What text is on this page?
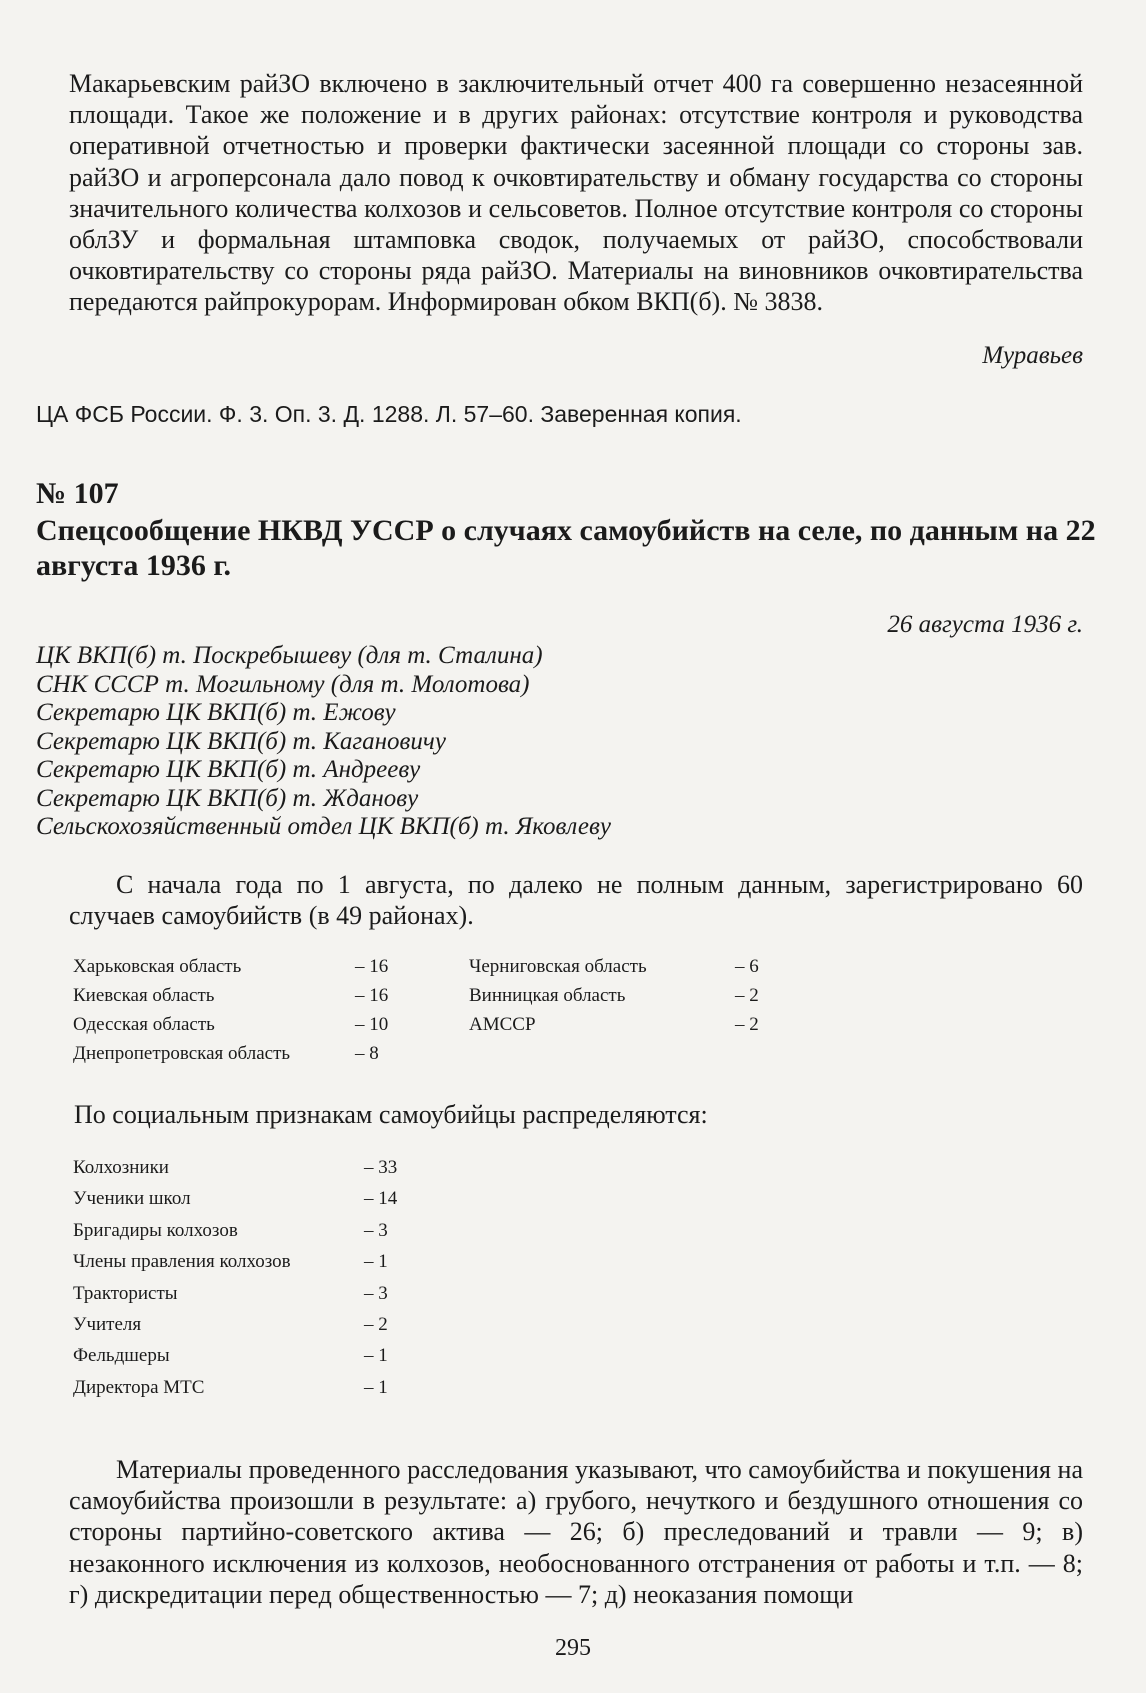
Макарьевским райЗО включено в заключительный отчет 400 га совершенно незасеянной площади. Такое же положение и в других районах: отсутствие контроля и руководства оперативной отчетностью и проверки фактически засеянной площади со стороны зав. райЗО и агроперсонала дало повод к очковтирательству и обману государства со стороны значительного количества колхозов и сельсоветов. Полное отсутствие контроля со стороны облЗУ и формальная штамповка сводок, получаемых от райЗО, способствовали очковтирательству со стороны ряда райЗО. Материалы на виновников очковтирательства передаются райпрокурорам. Информирован обком ВКП(б). № 3838.

Муравьев
ЦА ФСБ России. Ф. 3. Оп. 3. Д. 1288. Л. 57–60. Заверенная копия.
№ 107
Спецсообщение НКВД УССР о случаях самоубийств на селе, по данным на 22 августа 1936 г.
26 августа 1936 г.
ЦК ВКП(б) т. Поскребышеву (для т. Сталина)
СНК СССР т. Могильному (для т. Молотова)
Секретарю ЦК ВКП(б) т. Ежову
Секретарю ЦК ВКП(б) т. Кагановичу
Секретарю ЦК ВКП(б) т. Андрееву
Секретарю ЦК ВКП(б) т. Жданову
Сельскохозяйственный отдел ЦК ВКП(б) т. Яковлеву

С начала года по 1 августа, по далеко не полным данным, зарегистрировано 60 случаев самоубийств (в 49 районах).

Харьковская область	– 16	Черниговская область	– 6
Киевская область	– 16	Винницкая область	– 2
Одесская область	– 10	АМССР	– 2
Днепропетровская область	– 8

По социальным признакам самоубийцы распределяются:

Колхозники	– 33
Ученики школ	– 14
Бригадиры колхозов	– 3
Члены правления колхозов	– 1
Трактористы	– 3
Учителя	– 2
Фельдшеры	– 1
Директора МТС	– 1

Материалы проведенного расследования указывают, что самоубийства и покушения на самоубийства произошли в результате: а) грубого, нечуткого и бездушного отношения со стороны партийно-советского актива — 26; б) преследований и травли — 9; в) незаконного исключения из колхозов, необоснованного отстранения от работы и т.п. — 8; г) дискредитации перед общественностью — 7; д) неоказания помощи

295
